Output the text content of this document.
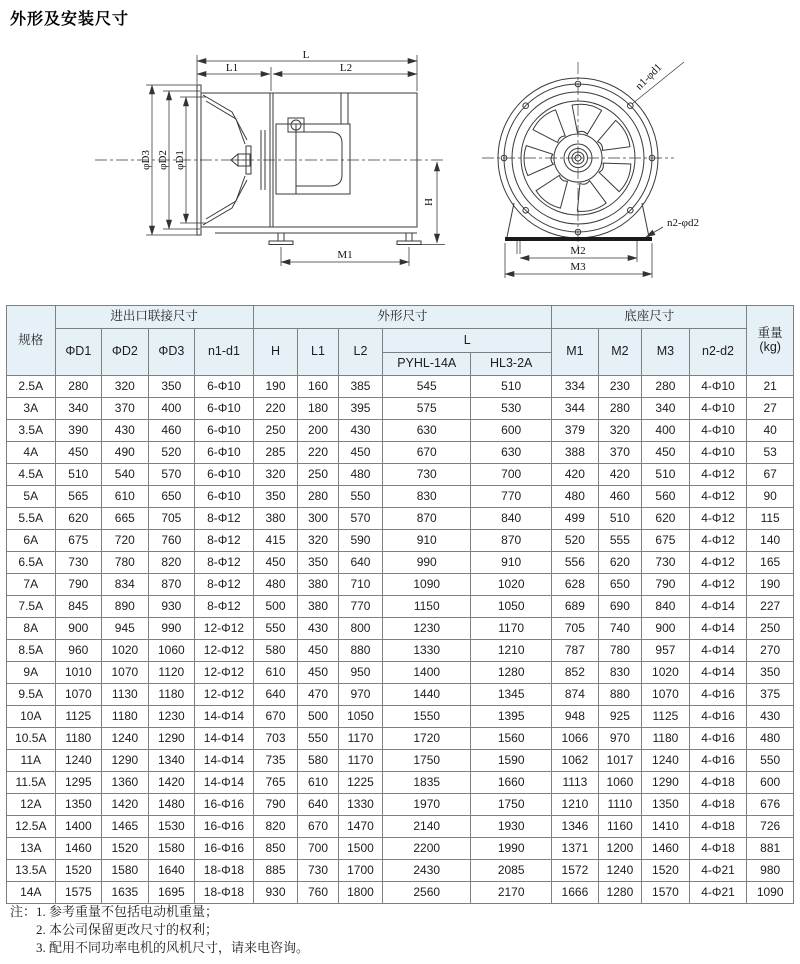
外形及安装尺寸
L
L1	L2
φD3 φD2 φD1
H
M1
n1-φd1
n2-φd2
M2
M3
规格	进出口联接尺寸				外形尺寸					底座尺寸				重量
(kg)

	ΦD1	ΦD2	ΦD3	n1-d1	H	L1	L2	L		M1	M2	M3	n2-d2	
								PYHL-14A	HL3-2A					
2.5A	280	320	350	6-Φ10	190	160	385	545	510	334	230	280	4-Φ10	21
3A	340	370	400	6-Φ10	220	180	395	575	530	344	280	340	4-Φ10	27
3.5A	390	430	460	6-Φ10	250	200	430	630	600	379	320	400	4-Φ10	40
4A	450	490	520	6-Φ10	285	220	450	670	630	388	370	450	4-Φ10	53
4.5A	510	540	570	6-Φ10	320	250	480	730	700	420	420	510	4-Φ12	67
5A	565	610	650	6-Φ10	350	280	550	830	770	480	460	560	4-Φ12	90
5.5A	620	665	705	8-Φ12	380	300	570	870	840	499	510	620	4-Φ12	115
6A	675	720	760	8-Φ12	415	320	590	910	870	520	555	675	4-Φ12	140
6.5A	730	780	820	8-Φ12	450	350	640	990	910	556	620	730	4-Φ12	165
7A	790	834	870	8-Φ12	480	380	710	1090	1020	628	650	790	4-Φ12	190
7.5A	845	890	930	8-Φ12	500	380	770	1150	1050	689	690	840	4-Φ14	227
8A	900	945	990	12-Φ12	550	430	800	1230	1170	705	740	900	4-Φ14	250
8.5A	960	1020	1060	12-Φ12	580	450	880	1330	1210	787	780	957	4-Φ14	270
9A	1010	1070	1120	12-Φ12	610	450	950	1400	1280	852	830	1020	4-Φ14	350
9.5A	1070	1130	1180	12-Φ12	640	470	970	1440	1345	874	880	1070	4-Φ16	375
10A	1125	1180	1230	14-Φ14	670	500	1050	1550	1395	948	925	1125	4-Φ16	430
10.5A	1180	1240	1290	14-Φ14	703	550	1170	1720	1560	1066	970	1180	4-Φ16	480
11A	1240	1290	1340	14-Φ14	735	580	1170	1750	1590	1062	1017	1240	4-Φ16	550
11.5A	1295	1360	1420	14-Φ14	765	610	1225	1835	1660	1113	1060	1290	4-Φ18	600
12A	1350	1420	1480	16-Φ16	790	640	1330	1970	1750	1210	1110	1350	4-Φ18	676
12.5A	1400	1465	1530	16-Φ16	820	670	1470	2140	1930	1346	1160	1410	4-Φ18	726
13A	1460	1520	1580	16-Φ16	850	700	1500	2200	1990	1371	1200	1460	4-Φ18	881
13.5A	1520	1580	1640	18-Φ18	885	730	1700	2430	2085	1572	1240	1520	4-Φ21	980
14A	1575	1635	1695	18-Φ18	930	760	1800	2560	2170	1666	1280	1570	4-Φ21	1090
注： 1. 参考重量不包括电动机重量；
2. 本公司保留更改尺寸的权利；
3. 配用不同功率电机的风机尺寸，请来电咨询。
